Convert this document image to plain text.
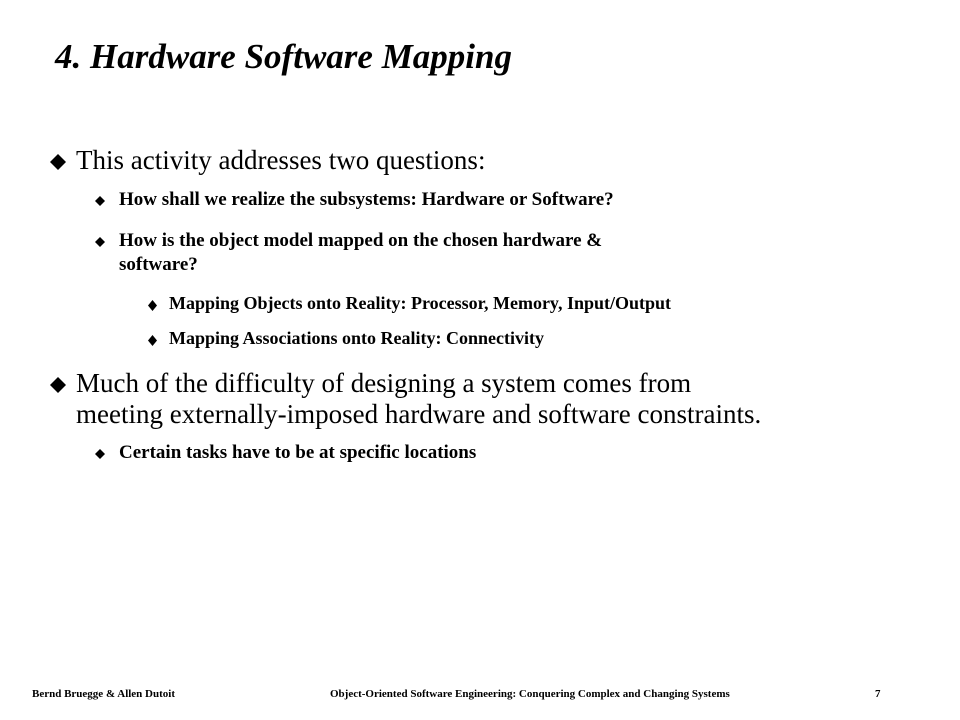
4. Hardware Software Mapping
This activity addresses two questions:
How shall we realize the subsystems: Hardware or Software?
How is the object model mapped on the chosen hardware &
software?
Mapping Objects onto Reality: Processor, Memory, Input/Output
Mapping Associations onto Reality: Connectivity
Much of the difficulty of designing a system comes from
meeting externally-imposed hardware and software constraints.
Certain tasks have to be at specific locations
Bernd Bruegge & Allen Dutoit	Object-Oriented Software Engineering: Conquering Complex and Changing Systems	7
